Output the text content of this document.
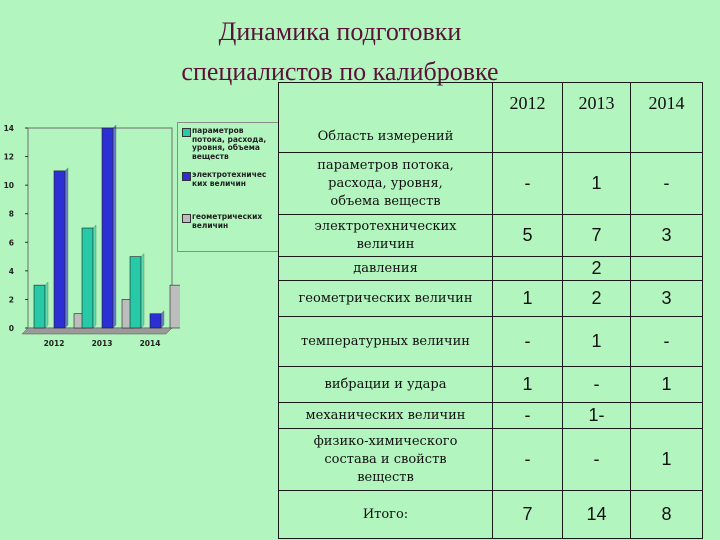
Динамика подготовки
специалистов по калибровке
0
2
4
6
8
10
12
14
2012	2013	2014
параметров
потока, расхода,
уровня, объема
веществ
электротехничес
ких величин
геометрических
величин
Область измерений	2012	2013	2014
параметров потока,
расхода, уровня,
объема веществ	-	1	-
электротехнических
величин	5	7	3
давления		2	
геометрических величин	1	2	3
температурных величин	-	1	-
вибрации и удара	1	-	1
механических величин	-	1-	
физико-химического
состава и свойств
веществ	-	-	1
Итого:	7	14	8
